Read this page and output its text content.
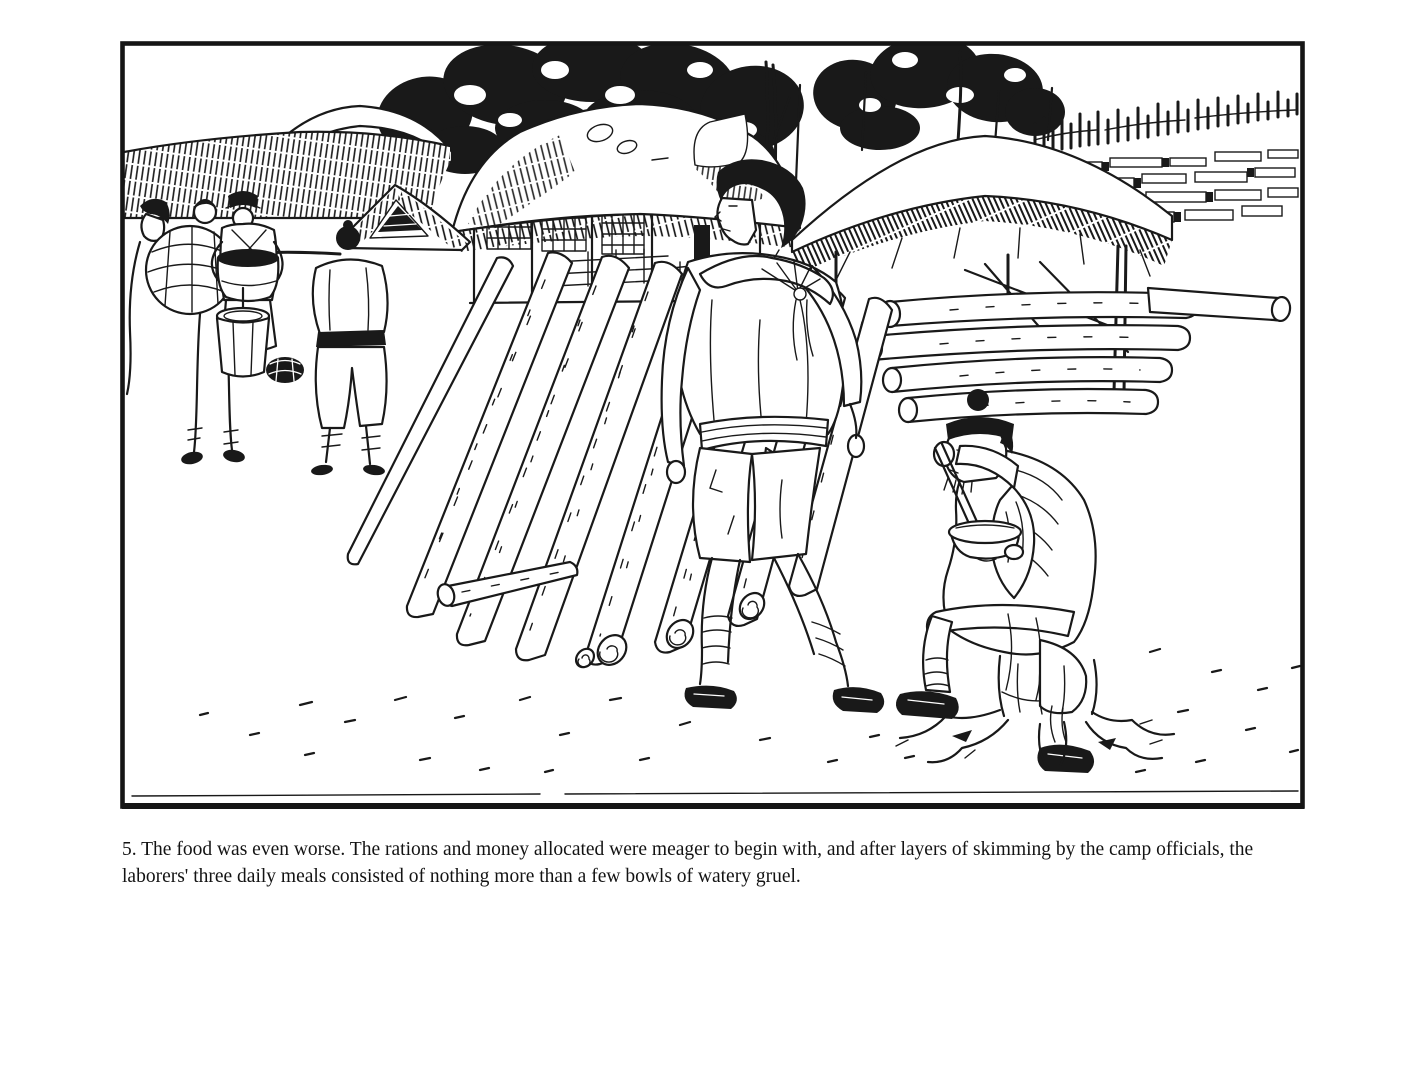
5. The food was even worse. The rations and money allocated were meager to begin with, and after layers of skimming by the camp officials, the laborers' three daily meals consisted of nothing more than a few bowls of watery gruel.
